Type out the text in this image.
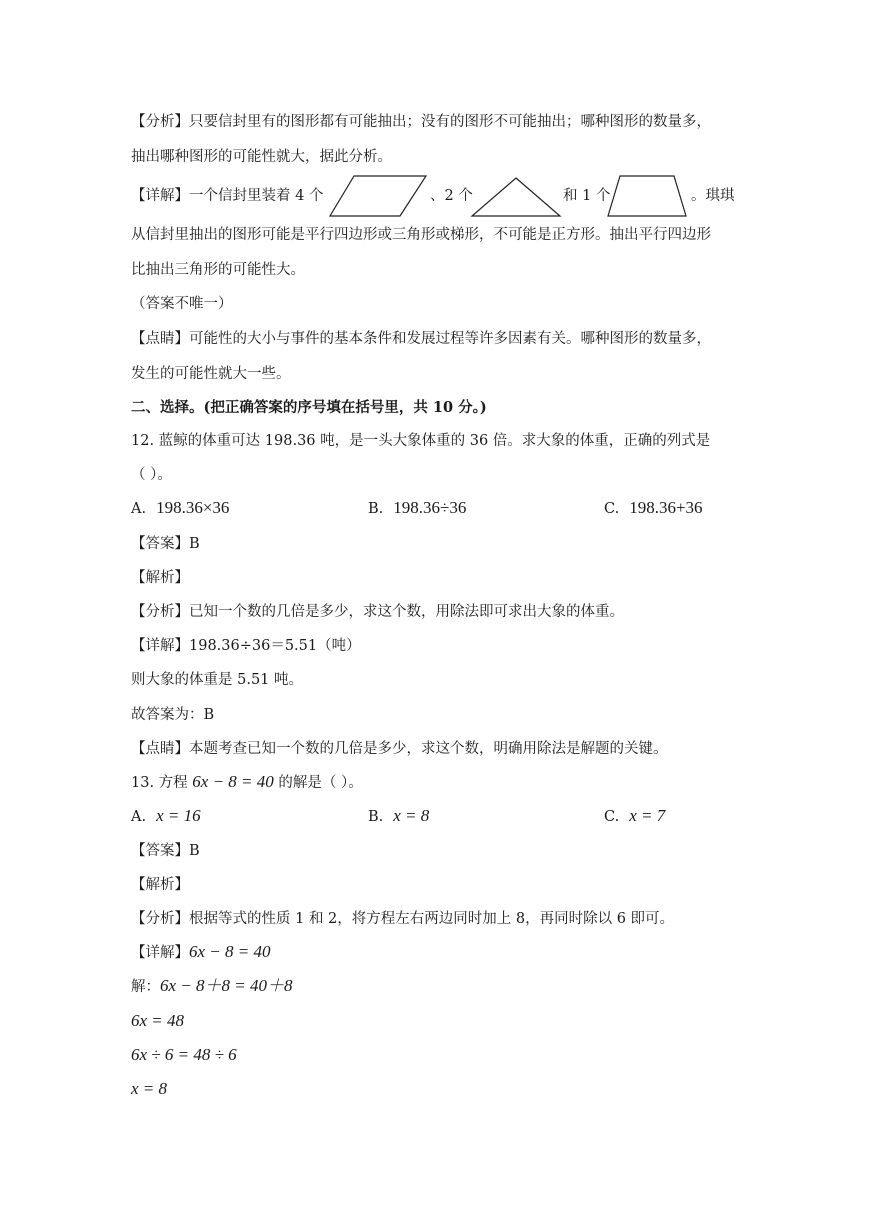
【分析】只要信封里有的图形都有可能抽出；没有的图形不可能抽出；哪种图形的数量多，
抽出哪种图形的可能性就大，据此分析。
【详解】一个信封里装着 4 个	、2 个	和 1 个	。琪琪
从信封里抽出的图形可能是平行四边形或三角形或梯形，不可能是正方形。抽出平行四边形
比抽出三角形的可能性大。
（答案不唯一）
【点睛】可能性的大小与事件的基本条件和发展过程等许多因素有关。哪种图形的数量多，
发生的可能性就大一些。
二、选择。(把正确答案的序号填在括号里，共 10 分。)
12. 蓝鲸的体重可达 198.36 吨，是一头大象体重的 36 倍。求大象的体重，正确的列式是
（ ）。
A. 198.36×36	B. 198.36÷36	C. 198.36+36
【答案】B
【解析】
【分析】已知一个数的几倍是多少，求这个数，用除法即可求出大象的体重。
【详解】198.36÷36＝5.51（吨）
则大象的体重是 5.51 吨。
故答案为：B
【点睛】本题考查已知一个数的几倍是多少，求这个数，明确用除法是解题的关键。
13. 方程 6x − 8 = 40 的解是（ ）。
A. x = 16	B. x = 8	C. x = 7
【答案】B
【解析】
【分析】根据等式的性质 1 和 2，将方程左右两边同时加上 8，再同时除以 6 即可。
【详解】6x − 8 = 40
解：6x − 8＋8 = 40＋8
6x = 48
6x ÷ 6 = 48 ÷ 6
x = 8
